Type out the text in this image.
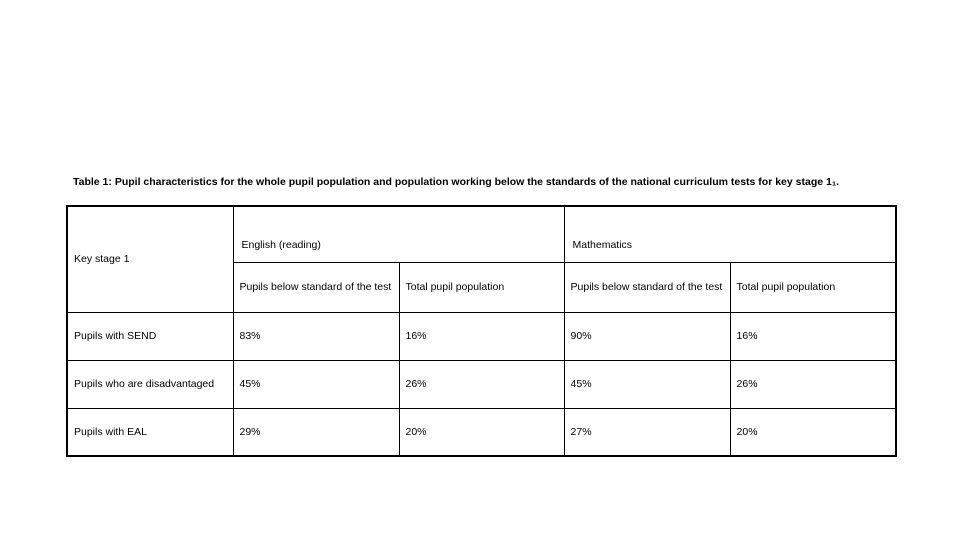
Table 1: Pupil characteristics for the whole pupil population and population working below the standards of the national curriculum tests for key stage 1₁.
Key stage 1	English (reading)		Mathematics	
	Pupils below standard of the test	Total pupil population	Pupils below standard of the test	Total pupil population
Pupils with SEND	83%	16%	90%	16%
Pupils who are disadvantaged	45%	26%	45%	26%
Pupils with EAL	29%	20%	27%	20%
